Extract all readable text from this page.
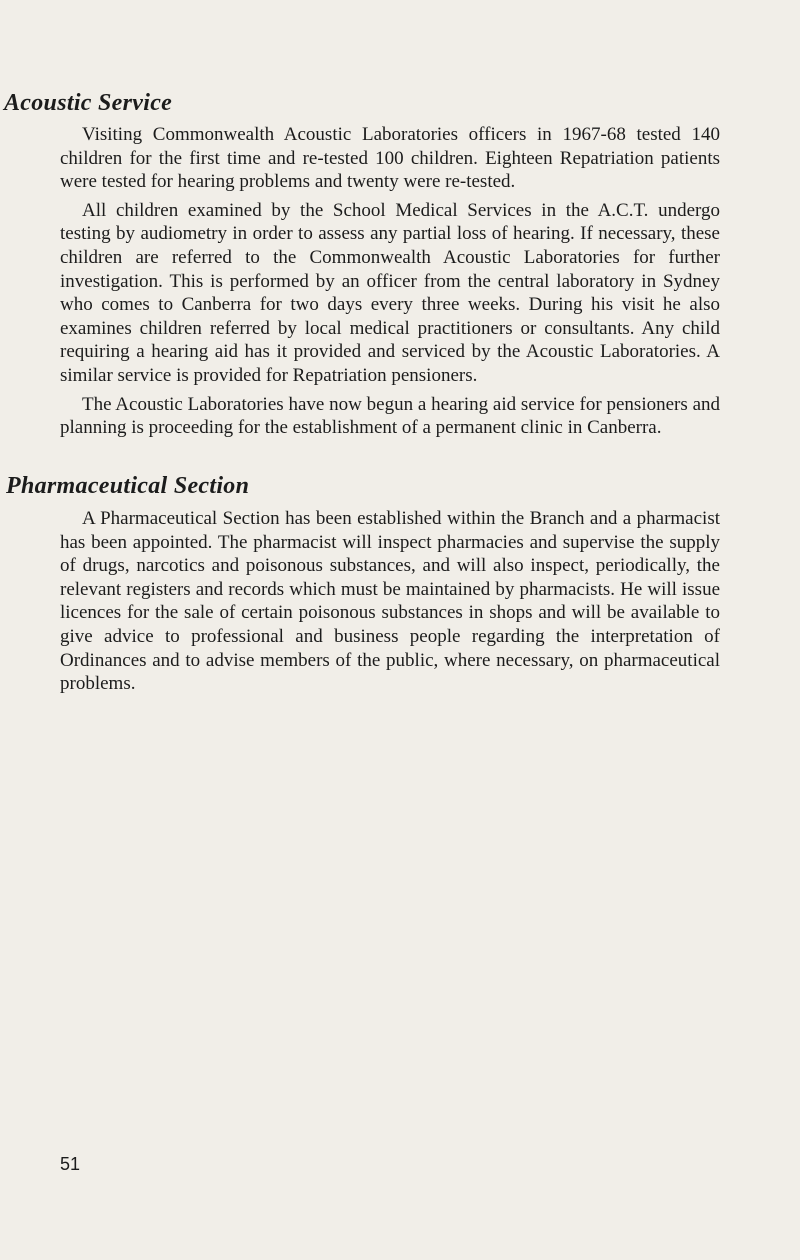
Acoustic Service

Visiting Commonwealth Acoustic Laboratories officers in 1967-68 tested 140 children for the first time and re-tested 100 children. Eighteen Repatriation patients were tested for hearing problems and twenty were re-tested.

All children examined by the School Medical Services in the A.C.T. undergo testing by audiometry in order to assess any partial loss of hearing. If necessary, these children are referred to the Commonwealth Acoustic Laboratories for further investigation. This is performed by an officer from the central laboratory in Sydney who comes to Canberra for two days every three weeks. During his visit he also examines children referred by local medical practitioners or consultants. Any child requiring a hearing aid has it provided and serviced by the Acoustic Laboratories. A similar service is provided for Repatriation pensioners.

The Acoustic Laboratories have now begun a hearing aid service for pensioners and planning is proceeding for the establishment of a permanent clinic in Canberra.

Pharmaceutical Section

A Pharmaceutical Section has been established within the Branch and a pharmacist has been appointed. The pharmacist will inspect pharmacies and supervise the supply of drugs, narcotics and poisonous substances, and will also inspect, periodically, the relevant registers and records which must be maintained by pharmacists. He will issue licences for the sale of certain poisonous substances in shops and will be available to give advice to professional and business people regarding the interpretation of Ordinances and to advise members of the public, where necessary, on pharmaceutical problems.

51
